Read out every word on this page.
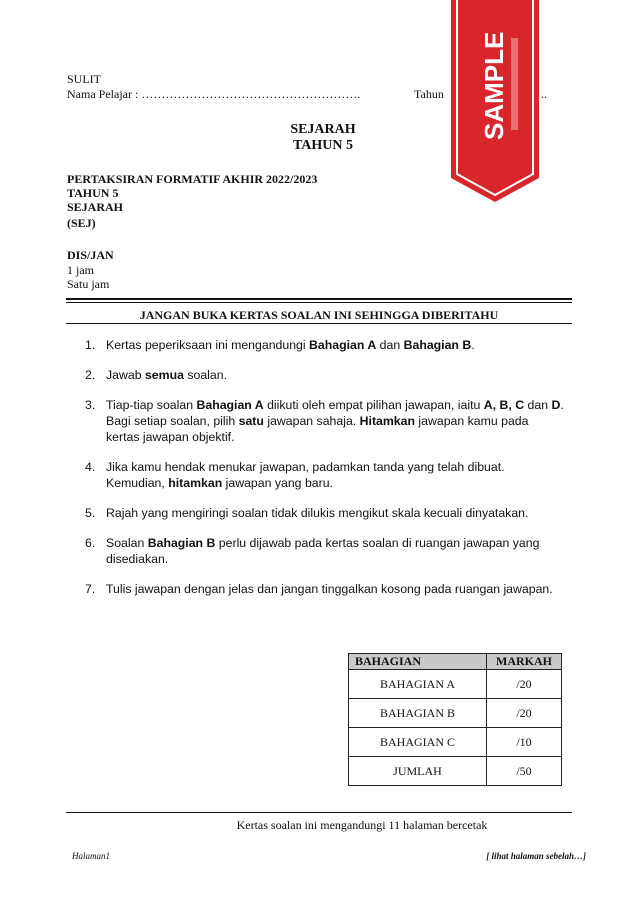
SULIT
Nama Pelajar : ……………………………………………….	Tahun	..
SEJARAH
TAHUN 5
PERTAKSIRAN FORMATIF AKHIR 2022/2023
TAHUN 5
SEJARAH
(SEJ)
DIS/JAN
1 jam
Satu jam
JANGAN BUKA KERTAS SOALAN INI SEHINGGA DIBERITAHU
1. Kertas peperiksaan ini mengandungi Bahagian A dan Bahagian B.
2. Jawab semua soalan.
3. Tiap-tiap soalan Bahagian A diikuti oleh empat pilihan jawapan, iaitu A, B, C dan D. Bagi setiap soalan, pilih satu jawapan sahaja. Hitamkan jawapan kamu pada kertas jawapan objektif.
4. Jika kamu hendak menukar jawapan, padamkan tanda yang telah dibuat. Kemudian, hitamkan jawapan yang baru.
5. Rajah yang mengiringi soalan tidak dilukis mengikut skala kecuali dinyatakan.
6. Soalan Bahagian B perlu dijawab pada kertas soalan di ruangan jawapan yang disediakan.
7. Tulis jawapan dengan jelas dan jangan tinggalkan kosong pada ruangan jawapan.
BAHAGIAN	MARKAH
BAHAGIAN A	/20
BAHAGIAN B	/20
BAHAGIAN C	/10
JUMLAH	/50
Kertas soalan ini mengandungi 11 halaman bercetak
Halaman1	[ lihat halaman sebelah…]
SAMPLE
